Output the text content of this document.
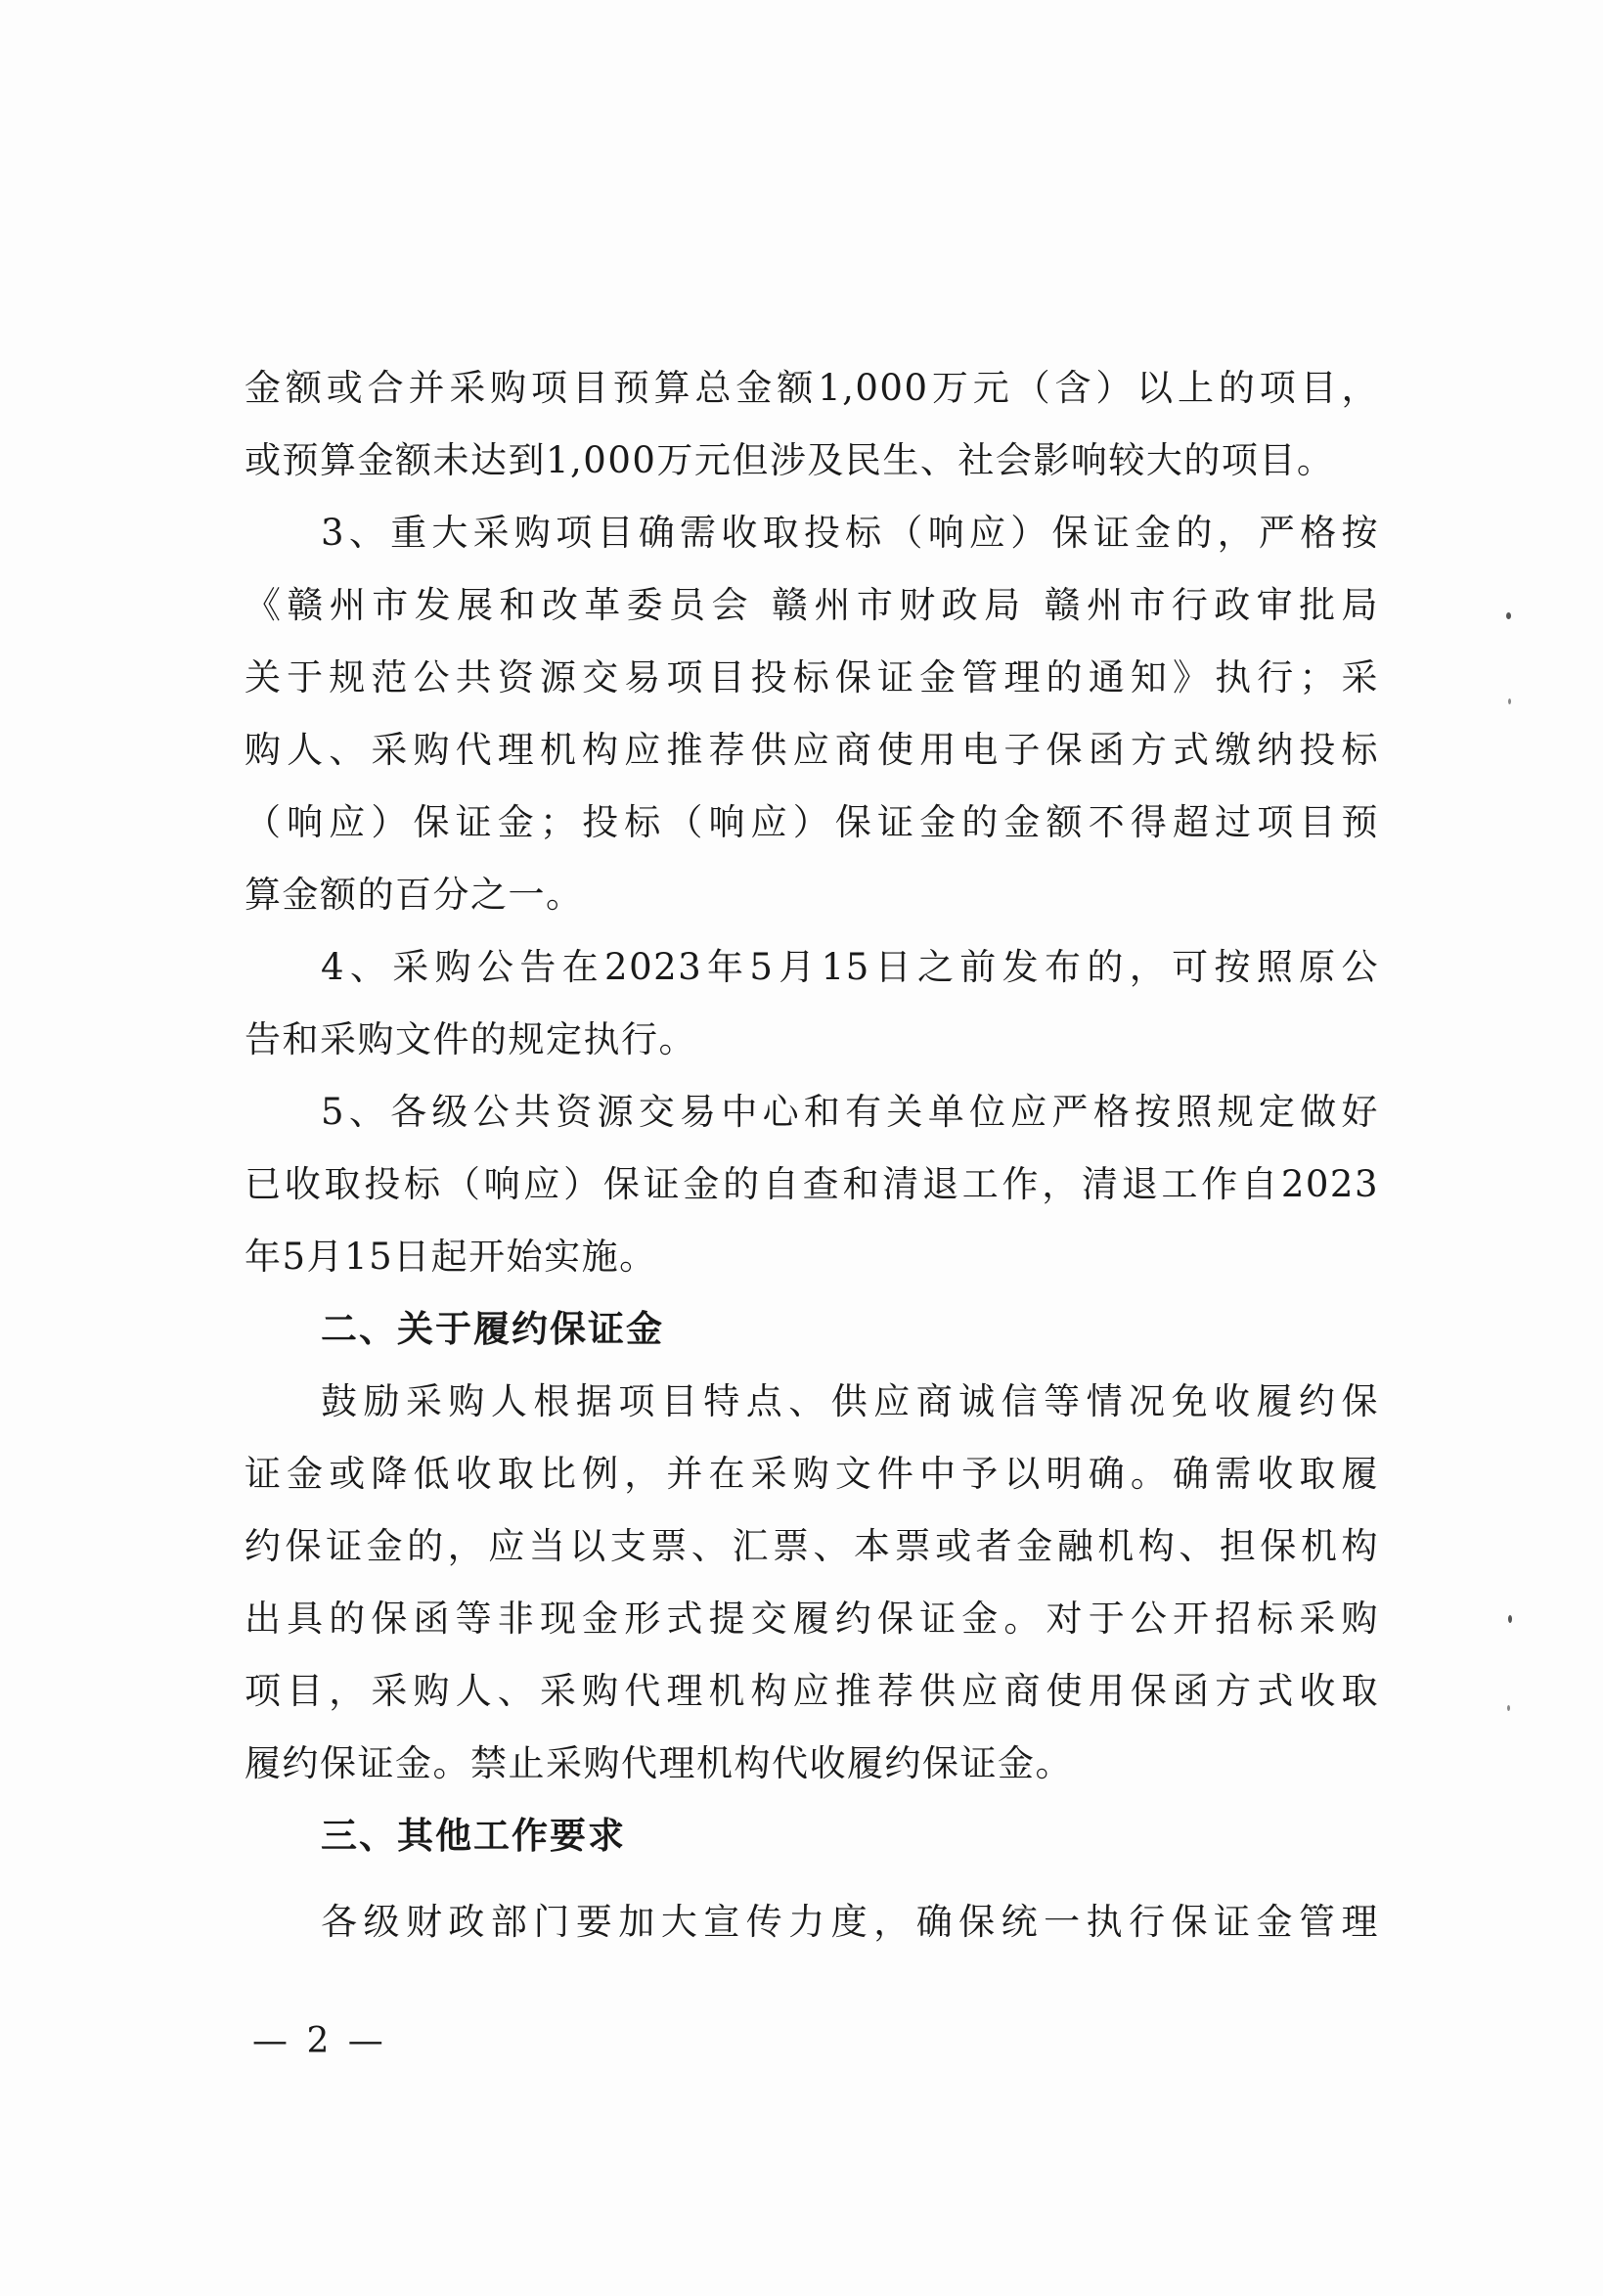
金额或合并采购项目预算总金额1,000万元（含）以上的项目，
或预算金额未达到1,000万元但涉及民生、社会影响较大的项目。
3、重大采购项目确需收取投标（响应）保证金的，严格按
《赣州市发展和改革委员会 赣州市财政局 赣州市行政审批局
关于规范公共资源交易项目投标保证金管理的通知》执行；采
购人、采购代理机构应推荐供应商使用电子保函方式缴纳投标
（响应）保证金；投标（响应）保证金的金额不得超过项目预
算金额的百分之一。
4、采购公告在2023年5月15日之前发布的，可按照原公
告和采购文件的规定执行。
5、各级公共资源交易中心和有关单位应严格按照规定做好
已收取投标（响应）保证金的自查和清退工作，清退工作自2023
年5月15日起开始实施。
二、关于履约保证金
鼓励采购人根据项目特点、供应商诚信等情况免收履约保
证金或降低收取比例，并在采购文件中予以明确。确需收取履
约保证金的，应当以支票、汇票、本票或者金融机构、担保机构
出具的保函等非现金形式提交履约保证金。对于公开招标采购
项目，采购人、采购代理机构应推荐供应商使用保函方式收取
履约保证金。禁止采购代理机构代收履约保证金。
三、其他工作要求
各级财政部门要加大宣传力度，确保统一执行保证金管理
— 2 —
